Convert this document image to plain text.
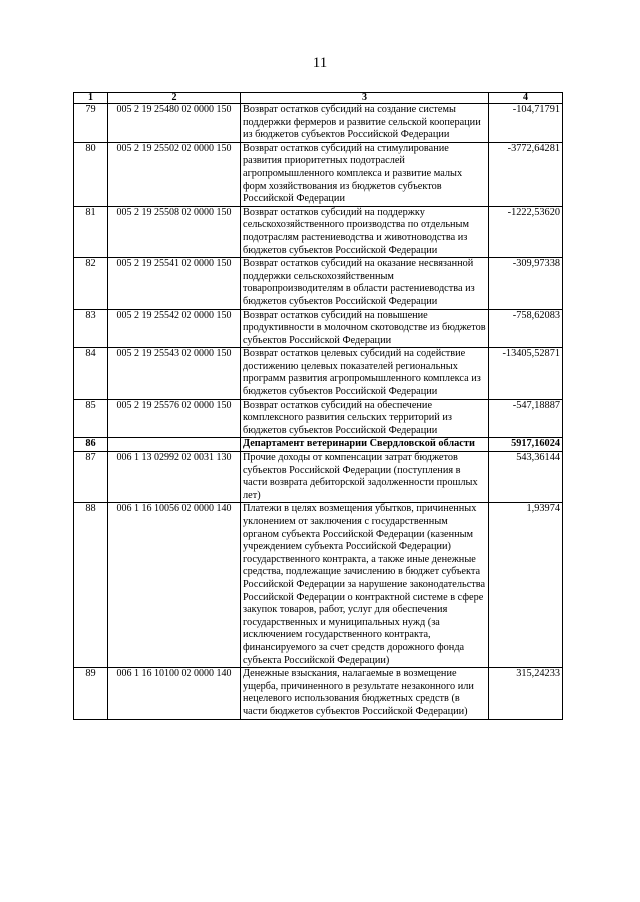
11
1	2	3	4
79	005 2 19 25480 02 0000 150	Возврат остатков субсидий на создание системы поддержки фермеров и развитие сельской кооперации из бюджетов субъектов Российской Федерации	-104,71791
80	005 2 19 25502 02 0000 150	Возврат остатков субсидий на стимулирование развития приоритетных подотраслей агропромышленного комплекса и развитие малых форм хозяйствования из бюджетов субъектов Российской Федерации	-3772,64281
81	005 2 19 25508 02 0000 150	Возврат остатков субсидий на поддержку сельскохозяйственного производства по отдельным подотраслям растениеводства и животноводства из бюджетов субъектов Российской Федерации	-1222,53620
82	005 2 19 25541 02 0000 150	Возврат остатков субсидий на оказание несвязанной поддержки сельскохозяйственным товаропроизводителям в области растениеводства из бюджетов субъектов Российской Федерации	-309,97338
83	005 2 19 25542 02 0000 150	Возврат остатков субсидий на повышение продуктивности в молочном скотоводстве из бюджетов субъектов Российской Федерации	-758,62083
84	005 2 19 25543 02 0000 150	Возврат остатков целевых субсидий на содействие достижению целевых показателей региональных программ развития агропромышленного комплекса из бюджетов субъектов Российской Федерации	-13405,52871
85	005 2 19 25576 02 0000 150	Возврат остатков субсидий на обеспечение комплексного развития сельских территорий из бюджетов субъектов Российской Федерации	-547,18887
86		Департамент ветеринарии Свердловской области	5917,16024
87	006 1 13 02992 02 0031 130	Прочие доходы от компенсации затрат бюджетов субъектов Российской Федерации (поступления в части возврата дебиторской задолженности прошлых лет)	543,36144
88	006 1 16 10056 02 0000 140	Платежи в целях возмещения убытков, причиненных уклонением от заключения с государственным органом субъекта Российской Федерации (казенным учреждением субъекта Российской Федерации) государственного контракта, а также иные денежные средства, подлежащие зачислению в бюджет субъекта Российской Федерации за нарушение законодательства Российской Федерации о контрактной системе в сфере закупок товаров, работ, услуг для обеспечения государственных и муниципальных нужд (за исключением государственного контракта, финансируемого за счет средств дорожного фонда субъекта Российской Федерации)	1,93974
89	006 1 16 10100 02 0000 140	Денежные взыскания, налагаемые в возмещение ущерба, причиненного в результате незаконного или нецелевого использования бюджетных средств (в части бюджетов субъектов Российской Федерации)	315,24233
